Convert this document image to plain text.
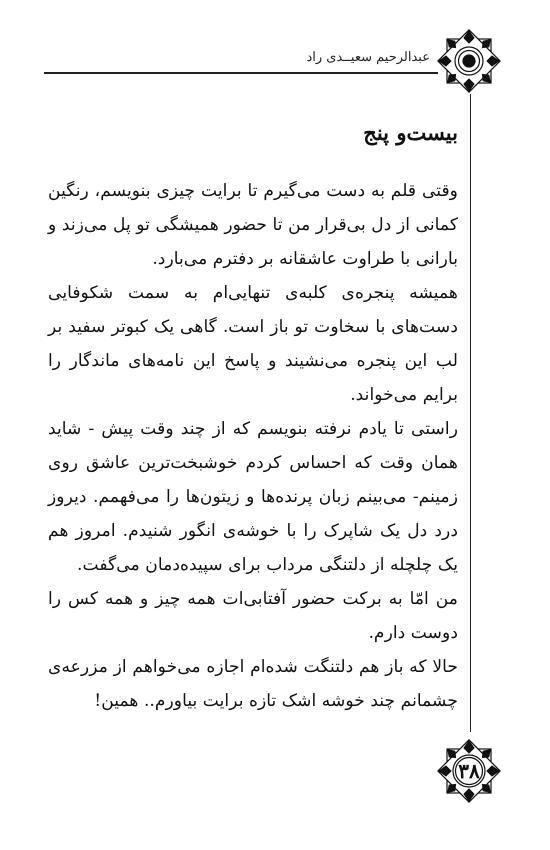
عبدالرحیم سعیــدی راد
بیست‌و پنج

وقتی قلم به دست می‌گیرم تا برایت چیزی بنویسم، رنگین کمانی از دل بی‌قرار من تا حضور همیشگی تو پل می‌زند و بارانی با طراوت عاشقانه بر دفترم می‌بارد.

همیشه پنجره‌ی کلبه‌ی تنهایی‌ام به سمت شکوفایی دست‌های با سخاوت تو باز است. گاهی یک کبوتر سفید بر لب این پنجره می‌نشیند و پاسخ این نامه‌های ماندگار را برایم می‌خواند.

راستی تا یادم نرفته بنویسم که از چند وقت پیش - شاید همان وقت که احساس کردم خوشبخت‌ترین عاشق روی زمینم- می‌بینم زبان پرنده‌ها و زیتون‌ها را می‌فهمم. دیروز درد دل یک شاپرک را با خوشه‌ی انگور شنیدم. امروز هم یک چلچله از دلتنگی مرداب برای سپیده‌دمان می‌گفت.

من امّا به برکت حضور آفتابی‌ات همه چیز و همه کس را دوست دارم.

حالا که باز هم دلتنگت شده‌ام اجازه می‌خواهم از مزرعه‌ی چشمانم چند خوشه اشک تازه برایت بیاورم.. همین!

۳۸
